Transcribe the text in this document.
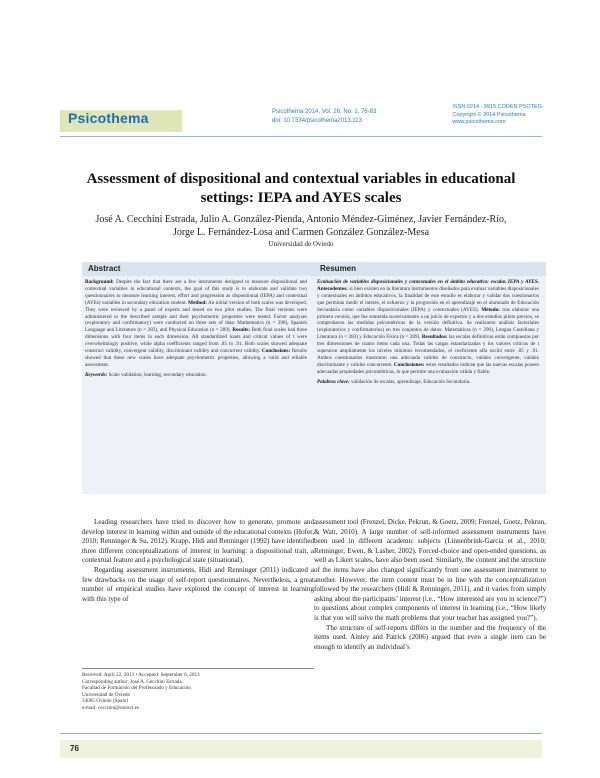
Psicothema	Psicothema 2014, Vol. 26, No. 1, 76-83
doi: 10.7334/psicothema2013.113
ISSN 0214 - 9915 CODEN PSOTEG
Copyright © 2014 Psicothema
www.psicothema.com
Assessment of dispositional and contextual variables in educational settings: IEPA and AYES scales
José A. Cecchini Estrada, Julio A. González-Pienda, Antonio Méndez-Giménez, Javier Fernández-Río,
Jorge L. Fernández-Losa and Carmen González González-Mesa
Universidad de Oviedo
Abstract
Background: Despite the fact that there are a few instruments designed to measure dispositional and contextual variables in educational contexts, the goal of this study is to elaborate and validate two questionnaires to measure learning interest, effort and progression as dispositional (IEPA) and contextual (AYEs) variables in secondary education student. Method: An initial version of both scales was developed. They were reviewed by a panel of experts and tested on two pilot studies. The final versions were administered to the described sample and their psychometric properties were tested. Factor analyses (exploratory and confirmatory) were conducted on three sets of data: Mathematics (n = 290), Spanish Language and Literature (n = 283), and Physical Education (n = 289). Results: Both final scales had three dimensions with four items in each dimension. All standardized loads and critical values of t were overwhelmingly positive, while alpha coefficients ranged from .85 to .91. Both scales showed adequate construct validity, convergent validity, discriminant validity and concurrent validity. Conclusions: Results showed that these new scales have adequate psychometric properties, allowing a valid and reliable assessment.
Keywords: Scale validation, learning, secondary education.
Resumen
Evaluación de variables disposicionales y contextuales en el ámbito educativo: escalas IEPA y AYES. Antecedentes: si bien existen en la literatura instrumentos diseñados para evaluar variables disposicionales y contextuales en ámbitos educativos, la finalidad de este estudio es elaborar y validar dos cuestionarios que permitan medir el interés, el esfuerzo y la progresión en el aprendizaje en el alumnado de Educación Secundaria como variables disposicionales (IEPA) y contextuales (AYES). Método: tras elaborar una primera versión, que fue sometida sucesivamente a un juicio de expertos y a dos estudios piloto previos, se comprobaron las medidas psicométricas de la versión definitiva. Se realizaron análisis factoriales (exploratorios y confirmatorios) en tres conjuntos de datos: Matemáticas (n = 290), Lengua Castellana y Literatura (n = 283) y Educación Física (n = 289). Resultados: las escalas definitivas están compuestas por tres dimensiones de cuatro ítems cada una. Todas las cargas estandarizadas y los valores críticos de t superaron ampliamente los niveles mínimos recomendados, el coeficiente alfa osciló entre .85 y .91. Ambos cuestionarios mostraron una adecuada validez de constructo, validez convergente, validez discriminante y validez concurrente. Conclusiones: estos resultados indican que las nuevas escalas poseen adecuadas propiedades psicométricas, lo que permite una evaluación válida y fiable.
Palabras clave: validación de escalas, aprendizaje, Educación Secundaria.

Leading researchers have tried to discover how to generate, promote and develop interest in learning within and outside of the educational contexts (Hofer, 2010; Renninger & Su, 2012). Krapp, Hidi and Renninger (1992) have identified three different conceptualizations of interest in learning: a dispositional trait, a contextual feature and a psychological state (situational).

Regarding assessment instruments, Hidi and Renninger (2011) indicated a few drawbacks on the usage of self-report questionnaires. Nevertheless, a great number of empirical studies have explored the concept of interest in learning with this type of

assessment tool (Frenzel, Dicke, Pekrun, & Goetz, 2009; Frenzel, Goetz, Pekrun, & Watt, 2010). A large number of self-informed assessment instruments have been used in different academic subjects (Linnenbrink-García et al., 2010; Renninger, Ewen, & Lasher, 2002). Forced-choice and open-ended questions, as well as Likert scales, have also been used. Similarly, the content and the structure of the items have also changed significantly from one assessment instrument to another. However, the item content must be in line with the conceptualization followed by the researchers (Hidi & Renninger, 2011), and it varies from simply asking about the participants’ interest (i.e., “How interested are you in science?”) to questions about complex components of interest in learning (i.e., “How likely is that you will solve the math problems that your teacher has assigned you?”).

The structure of self-reports differs in the number and the frequency of the items used. Ainley and Patrick (2006) argued that even a single item can be enough to identify an individual’s

Received: April 22, 2013 • Accepted: September 6, 2013
Corresponding author: José A. Cecchini Estrada
Facultad de Formación del Profesorado y Educación
Universidad de Oviedo
33005 Oviedo (Spain)
e-mail: cecchini@uniovi.es
76
